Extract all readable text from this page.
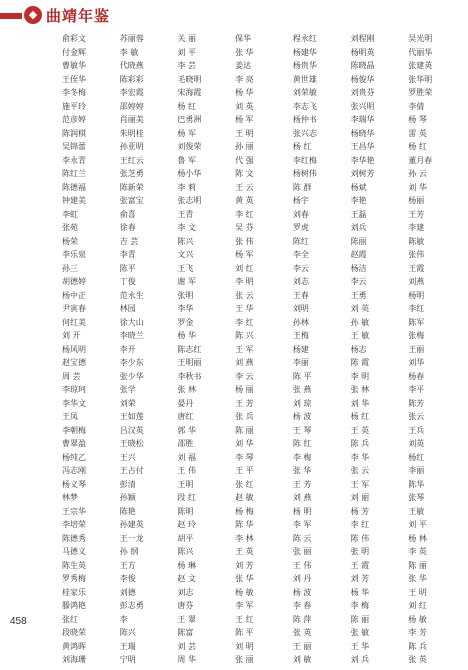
◆ 曲靖年鉴
俞彩文
付金辉
曹敏华
王侄华
李冬梅
施平玲
范彦婷
陈润棋
吴锦蕾
李永青
陈红兰
陈德福
钟建美
李虹
张苑
杨荣
李乐泉
孙三
胡德婷
杨中正
尹寅春
何红美
刘 开
杨风明
赵宝德
周 芸
李琼珂
李华文
王凤
李朝梅
曹翠盈
杨纯乙
冯志刚
杨义琴
林梦
王宗华
李培荣
陈德秀
马德义
陈生英
罗秀梅
桂家乐
滕鸿艳
张红
段晓荣
黄鸿晖
刘海珊
苏丽蓉
李 敏
代晓燕
陈彩彩
李宏霞
邵婷婷
肖丽美
朱明桂
孙亚明
王红云
张芝勇
陈新荣
张富宝
俞喜
徐春
吉 芸
李青
陈平
丁俊
范永生
林园
徐大山
李晓兰
李开
李少东
张少华
张学
刘荣
王如莲
吕汉英
王晓松
王兴
王占付
彭清
孙颖
陈艳
孙建英
王一龙
孙 纲
王方
李俊
刘德
彭志勇
李
陈兴
王瑞
宁明
关 丽
刘 平
李 芸
毛晓明
宋海霞
杨 红
巴勇洲
杨 军
刘俊荣
鲁 军
杨小华
李 莉
张志明
王青
李 文
陈兴
文兴
王飞
谢 军
张明
李华
罗金
杨 华
陈志红
王明丽
李秋书
张 林
晏丹
唐红
郭 华
邵胜
刘 福
王 伟
王明
段 红
陈明
赵 玲
胡平
陈兴
杨 琳
赵 文
刘志
唐芬
王 翠
陈富
刘 芸
周 华
保华
张 华
姜达
李 亮
杨 华
刘 英
杨 军
王 明
孙 丽
代 强
陈 文
王 云
黄 英
李 红
吴 芬
张 伟
杨 军
刘 红
李 明
张 云
王 华
李 红
陈 兴
王 军
刘 燕
李 云
杨 丽
王 芳
张 兵
陈 丽
刘 华
李 琴
王 平
张 红
赵 敏
杨 梅
陈 华
李 林
王 英
刘 芳
张 华
杨 敏
李 军
王 红
陈 平
刘 明
张 丽
程永红
杨建华
杨贵华
黄世雄
刘荣敏
李志飞
杨仲书
张兴志
杨 红
李红梅
杨树伟
陈 群
杨宇
刘春
罗虎
陈红
李全
李云
刘志
王春
刘明
孙林
王梅
杨建
李丽
陈 平
张 燕
刘 琼
杨 波
王 琴
陈 红
李 梅
张 华
王 芳
刘 燕
杨 明
李 军
陈 云
张 丽
王 伟
刘 丹
杨 波
李 春
陈 萍
张 英
王 丽
刘 敏
刘程刚
杨明英
陈晓晶
杨俊华
刘贵芬
张兴明
李瑞华
杨晓华
王昌华
李华艳
刘树芳
杨斌
李艳
王磊
刘兵
陈丽
赵霞
杨洁
李云
王勇
刘 英
孙 敏
王 敏
杨志
陈 霞
李 明
张 林
刘 华
杨 红
王 英
陈 兵
李 华
张 云
王 军
刘 丽
杨 芳
李 红
陈 伟
张 明
王 霞
刘 芳
杨 华
李 梅
陈 丽
张 敏
王 华
刘 兵
吴光明
代丽华
张建英
张华明
罗胜荣
李倩
杨 琴
雷 英
杨 红
董月春
孙 云
刘 华
杨丽
王芳
李建
陈敏
张伟
王霞
刘燕
杨明
李红
陈军
张梅
王丽
刘华
杨春
李平
陈芳
张云
王兵
刘英
杨红
李丽
陈华
张琴
王敏
刘 平
杨 林
李 英
陈 丽
张 华
王 明
刘 红
杨 敏
李 芳
陈 兵
张 英
458
